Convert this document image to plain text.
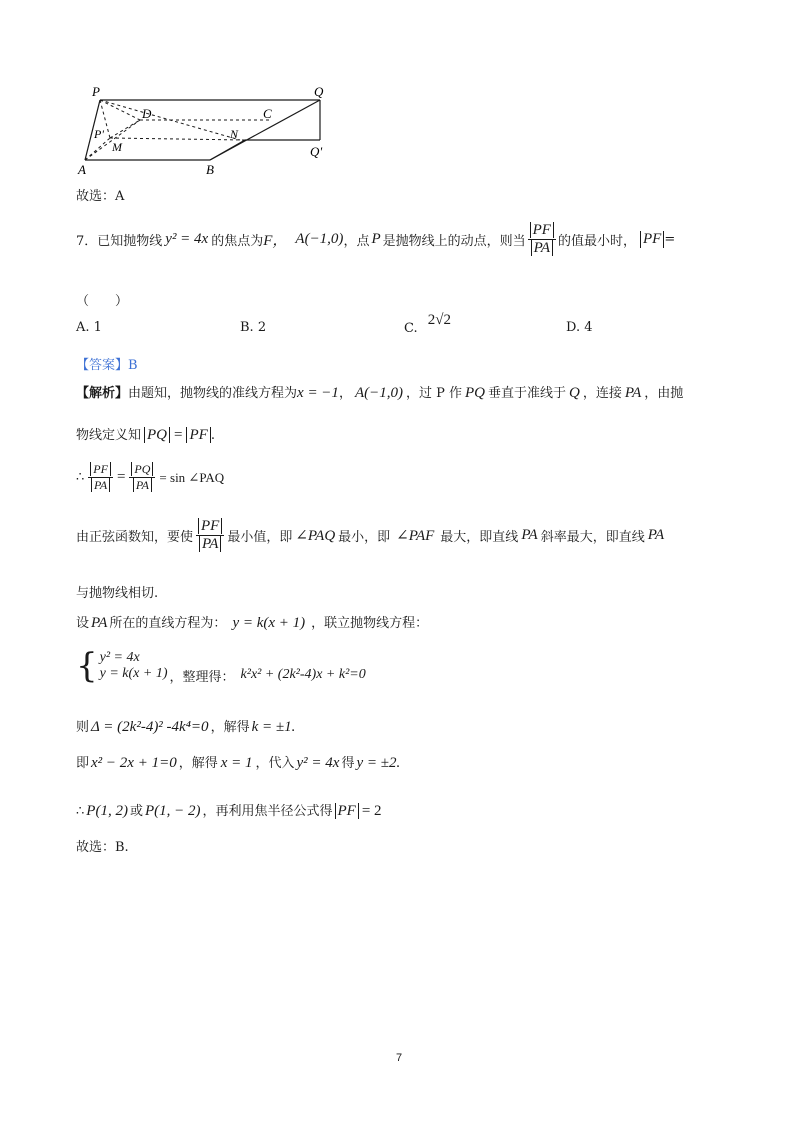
P	Q
D	C
P'
M
N
Q'
A	B
故选：A
7．已知抛物线 y² = 4x 的焦点为 F， A(−1,0) ，点 P 是抛物线上的动点，则当 $\frac{PF}{PA}$ 的值最小时， PF =
（　　）
A. 1	B. 2	C. 2√2	D. 4
【答案】B
【解析】由题知，抛物线的准线方程为x = −1， A(−1,0) ，过 P 作 PQ 垂直于准线于 Q ，连接 PA ，由抛
物线定义知 PQ = PF .
∴ $\frac{PF}{PA} = \frac{PQ}{PA} = \sin$ ∠PAQ
由正弦函数知，要使 $\frac{PF}{PA}$ 最小值，即 ∠PAQ 最小，即 ∠PAF 最大，即直线 PA 斜率最大，即直线 PA
与抛物线相切.
设 PA 所在的直线方程为： y = k(x + 1) ，联立抛物线方程：
{ y² = 4x
y = k(x + 1) ，整理得： k²x² + (2k²-4)x + k²=0
则 Δ = (2k²-4)² -4k⁴=0 ，解得 k = ±1.
即 x² − 2x + 1=0 ，解得 x = 1 ，代入 y² = 4x 得 y = ±2.
∴ P(1, 2) 或 P(1, − 2) ，再利用焦半径公式得 PF = 2
故选：B.
7
